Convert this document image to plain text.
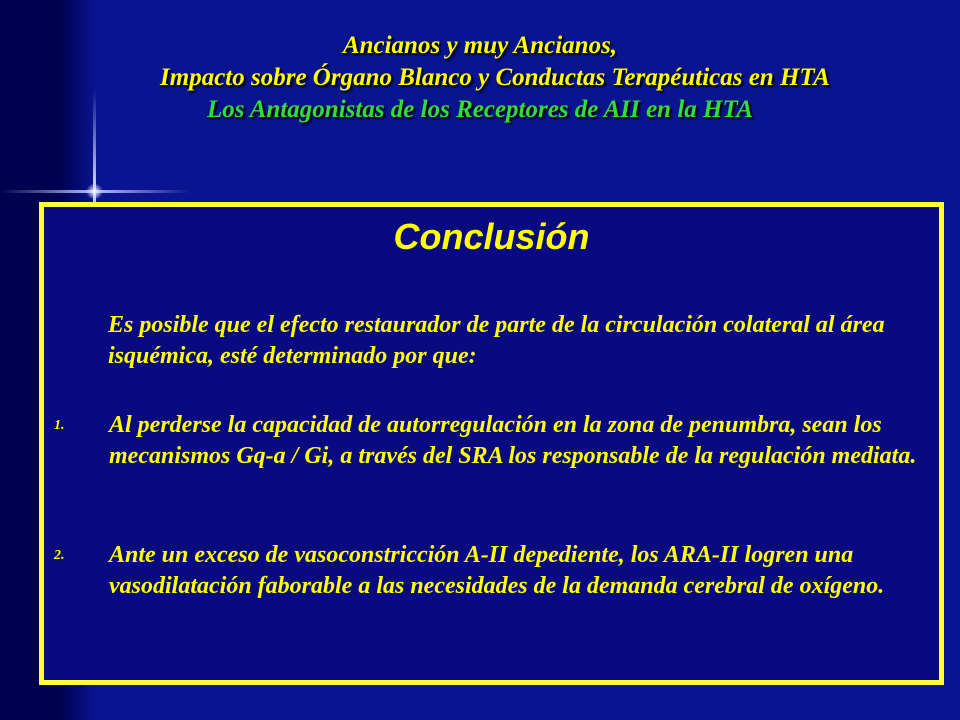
Ancianos y muy Ancianos,
Impacto sobre Órgano Blanco y Conductas Terapéuticas en HTA
Los Antagonistas de los Receptores de AII en la HTA
Conclusión
Es posible que el efecto restaurador de parte de la circulación colateral al área isquémica, esté determinado por que:
1.	Al perderse la capacidad de autorregulación en la zona de penumbra, sean los mecanismos Gq-a / Gi, a través del SRA los responsable de la regulación mediata.
2.	Ante un exceso de vasoconstricción A-II depediente, los ARA-II logren una vasodilatación faborable a las necesidades de la demanda cerebral de oxígeno.
